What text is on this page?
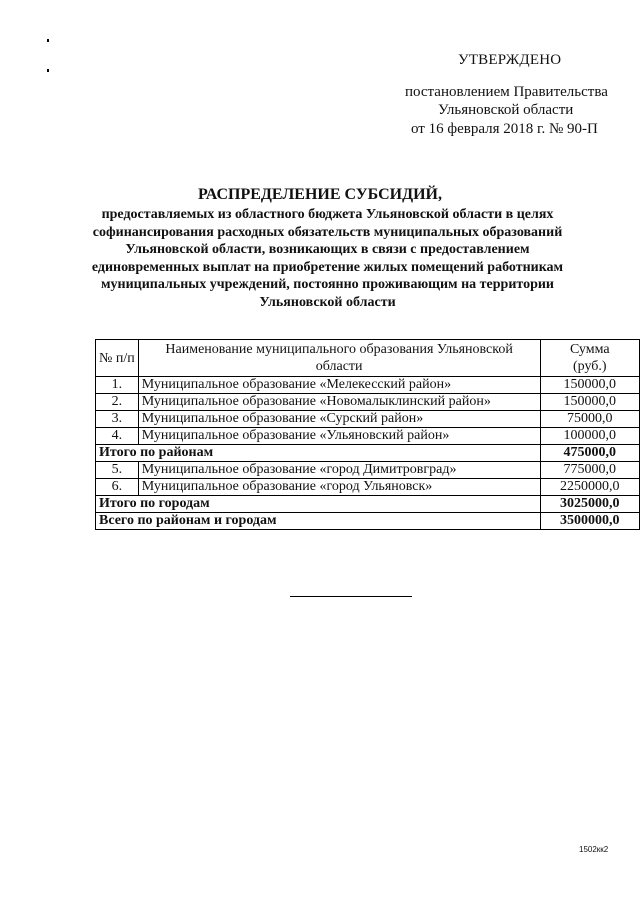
УТВЕРЖДЕНО
постановлением Правительства
Ульяновской области
от 16 февраля 2018 г. № 90-П
РАСПРЕДЕЛЕНИЕ СУБСИДИЙ,
предоставляемых из областного бюджета Ульяновской области в целях
софинансирования расходных обязательств муниципальных образований
Ульяновской области, возникающих в связи с предоставлением
единовременных выплат на приобретение жилых помещений работникам
муниципальных учреждений, постоянно проживающим на территории
Ульяновской области
№ п/п	Наименование муниципального образования Ульяновской области	Сумма (руб.)
1.	Муниципальное образование «Мелекесский район»	150000,0
2.	Муниципальное образование «Новомалыклинский район»	150000,0
3.	Муниципальное образование «Сурский район»	75000,0
4.	Муниципальное образование «Ульяновский район»	100000,0
Итого по районам		475000,0
5.	Муниципальное образование «город Димитровград»	775000,0
6.	Муниципальное образование «город Ульяновск»	2250000,0
Итого по городам		3025000,0
Всего по районам и городам		3500000,0
1502кк2
